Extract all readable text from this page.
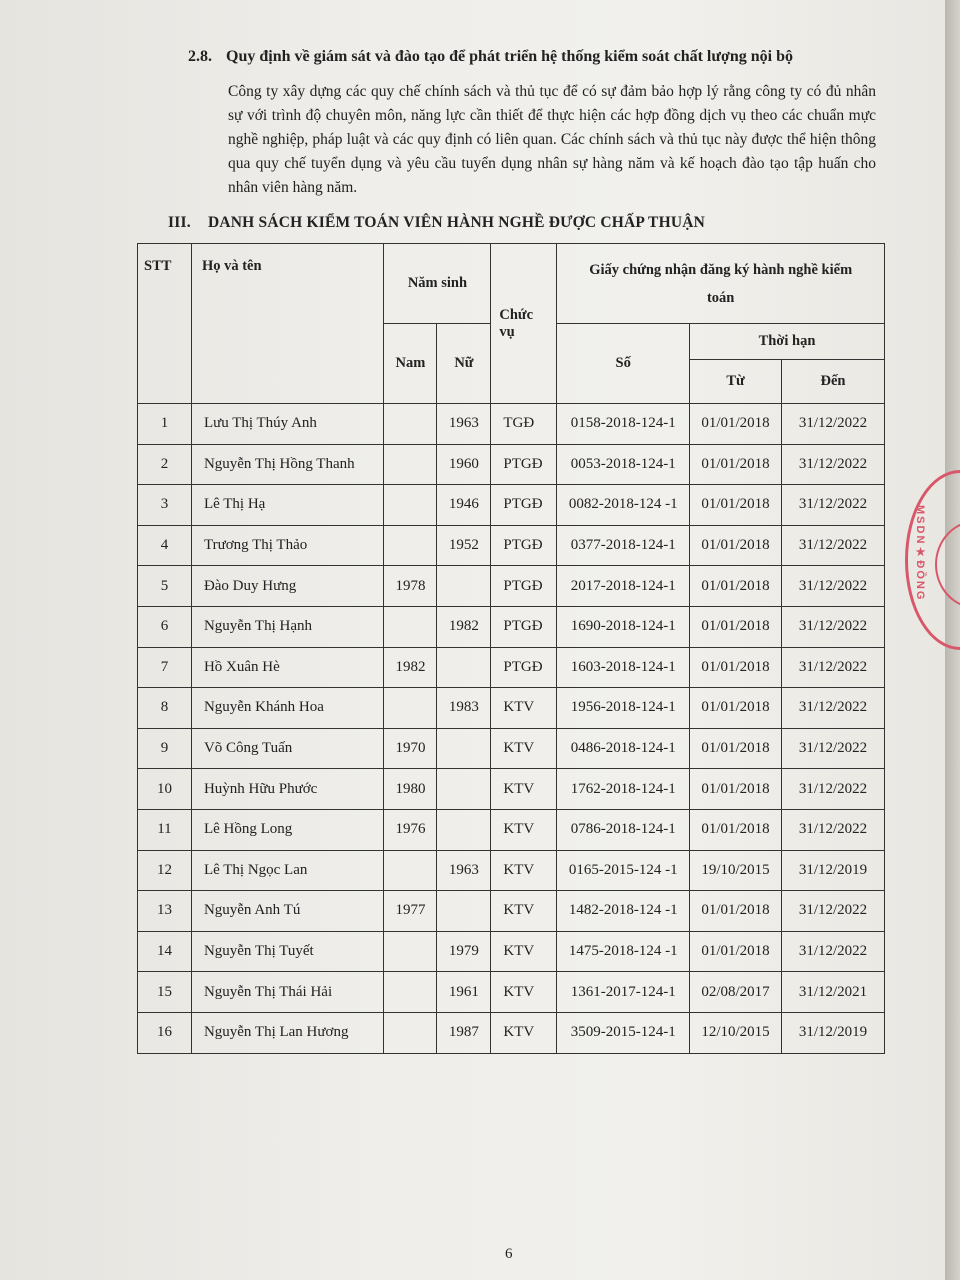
2.8. Quy định về giám sát và đào tạo để phát triển hệ thống kiểm soát chất lượng nội bộ
Công ty xây dựng các quy chế chính sách và thủ tục để có sự đảm bảo hợp lý rằng công ty có đủ nhân sự với trình độ chuyên môn, năng lực cần thiết để thực hiện các hợp đồng dịch vụ theo các chuẩn mực nghề nghiệp, pháp luật và các quy định có liên quan. Các chính sách và thủ tục này được thể hiện thông qua quy chế tuyển dụng và yêu cầu tuyển dụng nhân sự hàng năm và kế hoạch đào tạo tập huấn cho nhân viên hàng năm.
III. DANH SÁCH KIỂM TOÁN VIÊN HÀNH NGHỀ ĐƯỢC CHẤP THUẬN
STT	Họ và tên	Năm sinh		Chức vụ	Giấy chứng nhận đăng ký hành nghề kiểm toán		
		Nam	Nữ		Số	Thời hạn	
						Từ	Đến
1	Lưu Thị Thúy Anh		1963	TGĐ	0158-2018-124-1	01/01/2018	31/12/2022
2	Nguyễn Thị Hồng Thanh		1960	PTGĐ	0053-2018-124-1	01/01/2018	31/12/2022
3	Lê Thị Hạ		1946	PTGĐ	0082-2018-124 -1	01/01/2018	31/12/2022
4	Trương Thị Thảo		1952	PTGĐ	0377-2018-124-1	01/01/2018	31/12/2022
5	Đào Duy Hưng	1978		PTGĐ	2017-2018-124-1	01/01/2018	31/12/2022
6	Nguyễn Thị Hạnh		1982	PTGĐ	1690-2018-124-1	01/01/2018	31/12/2022
7	Hồ Xuân Hè	1982		PTGĐ	1603-2018-124-1	01/01/2018	31/12/2022
8	Nguyễn Khánh Hoa		1983	KTV	1956-2018-124-1	01/01/2018	31/12/2022
9	Võ Công Tuấn	1970		KTV	0486-2018-124-1	01/01/2018	31/12/2022
10	Huỳnh Hữu Phước	1980		KTV	1762-2018-124-1	01/01/2018	31/12/2022
11	Lê Hồng Long	1976		KTV	0786-2018-124-1	01/01/2018	31/12/2022
12	Lê Thị Ngọc Lan		1963	KTV	0165-2015-124 -1	19/10/2015	31/12/2019
13	Nguyễn Anh Tú	1977		KTV	1482-2018-124 -1	01/01/2018	31/12/2022
14	Nguyễn Thị Tuyết		1979	KTV	1475-2018-124 -1	01/01/2018	31/12/2022
15	Nguyễn Thị Thái Hải		1961	KTV	1361-2017-124-1	02/08/2017	31/12/2021
16	Nguyễn Thị Lan Hương		1987	KTV	3509-2015-124-1	12/10/2015	31/12/2019
6
MSDN★ĐỒNG
